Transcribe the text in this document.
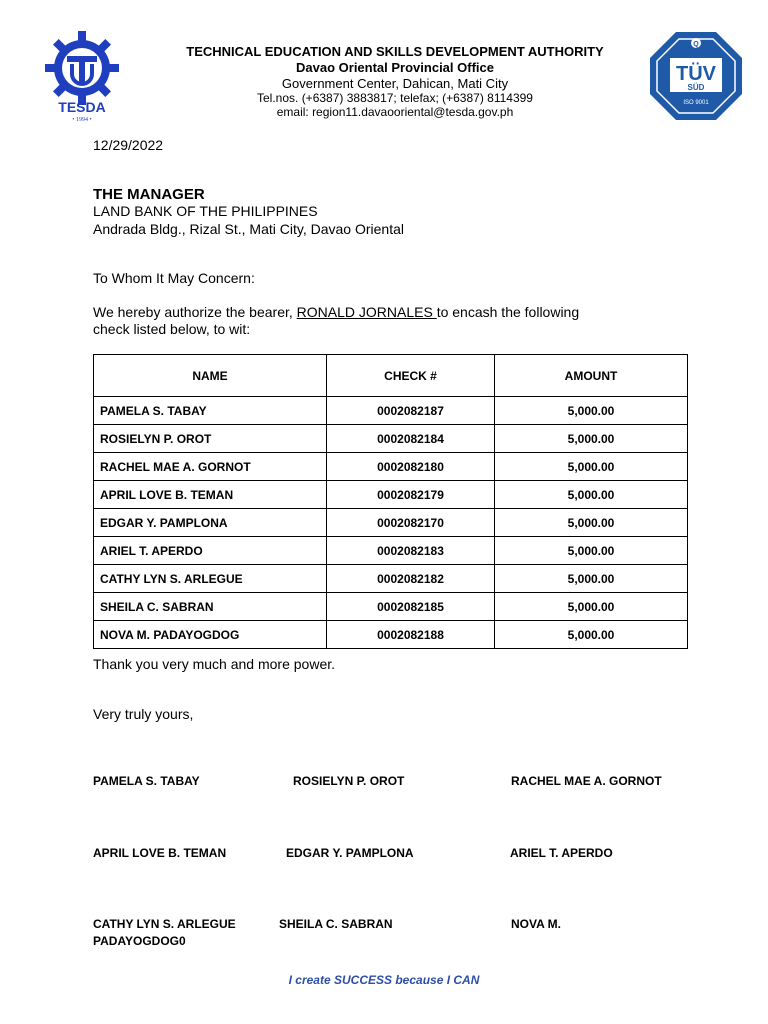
TESDA
• 1994 •
TECHNICAL EDUCATION AND SKILLS DEVELOPMENT AUTHORITY
Davao Oriental Provincial Office
Government Center, Dahican, Mati City
Tel.nos. (+6387) 3883817; telefax; (+6387) 8114399
email: region11.davaooriental@tesda.gov.ph
Q
TÜV
SÜD
ISO 9001
12/29/2022
THE MANAGER
LAND BANK OF THE PHILIPPINES
Andrada Bldg., Rizal St., Mati City, Davao Oriental
To Whom It May Concern:
We hereby authorize the bearer, RONALD JORNALES to encash the following
check listed below, to wit:
NAME	CHECK #	AMOUNT
PAMELA S. TABAY	0002082187	5,000.00
ROSIELYN P. OROT	0002082184	5,000.00
RACHEL MAE A. GORNOT	0002082180	5,000.00
APRIL LOVE B. TEMAN	0002082179	5,000.00
EDGAR Y. PAMPLONA	0002082170	5,000.00
ARIEL T. APERDO	0002082183	5,000.00
CATHY LYN S. ARLEGUE	0002082182	5,000.00
SHEILA C. SABRAN	0002082185	5,000.00
NOVA M. PADAYOGDOG	0002082188	5,000.00
Thank you very much and more power.
Very truly yours,
PAMELA S. TABAY	ROSIELYN P. OROT	RACHEL MAE A. GORNOT
APRIL LOVE B. TEMAN	EDGAR Y. PAMPLONA	ARIEL T. APERDO
CATHY LYN S. ARLEGUE	SHEILA C. SABRAN	NOVA M.
PADAYOGDOG0
I create SUCCESS because I CAN
